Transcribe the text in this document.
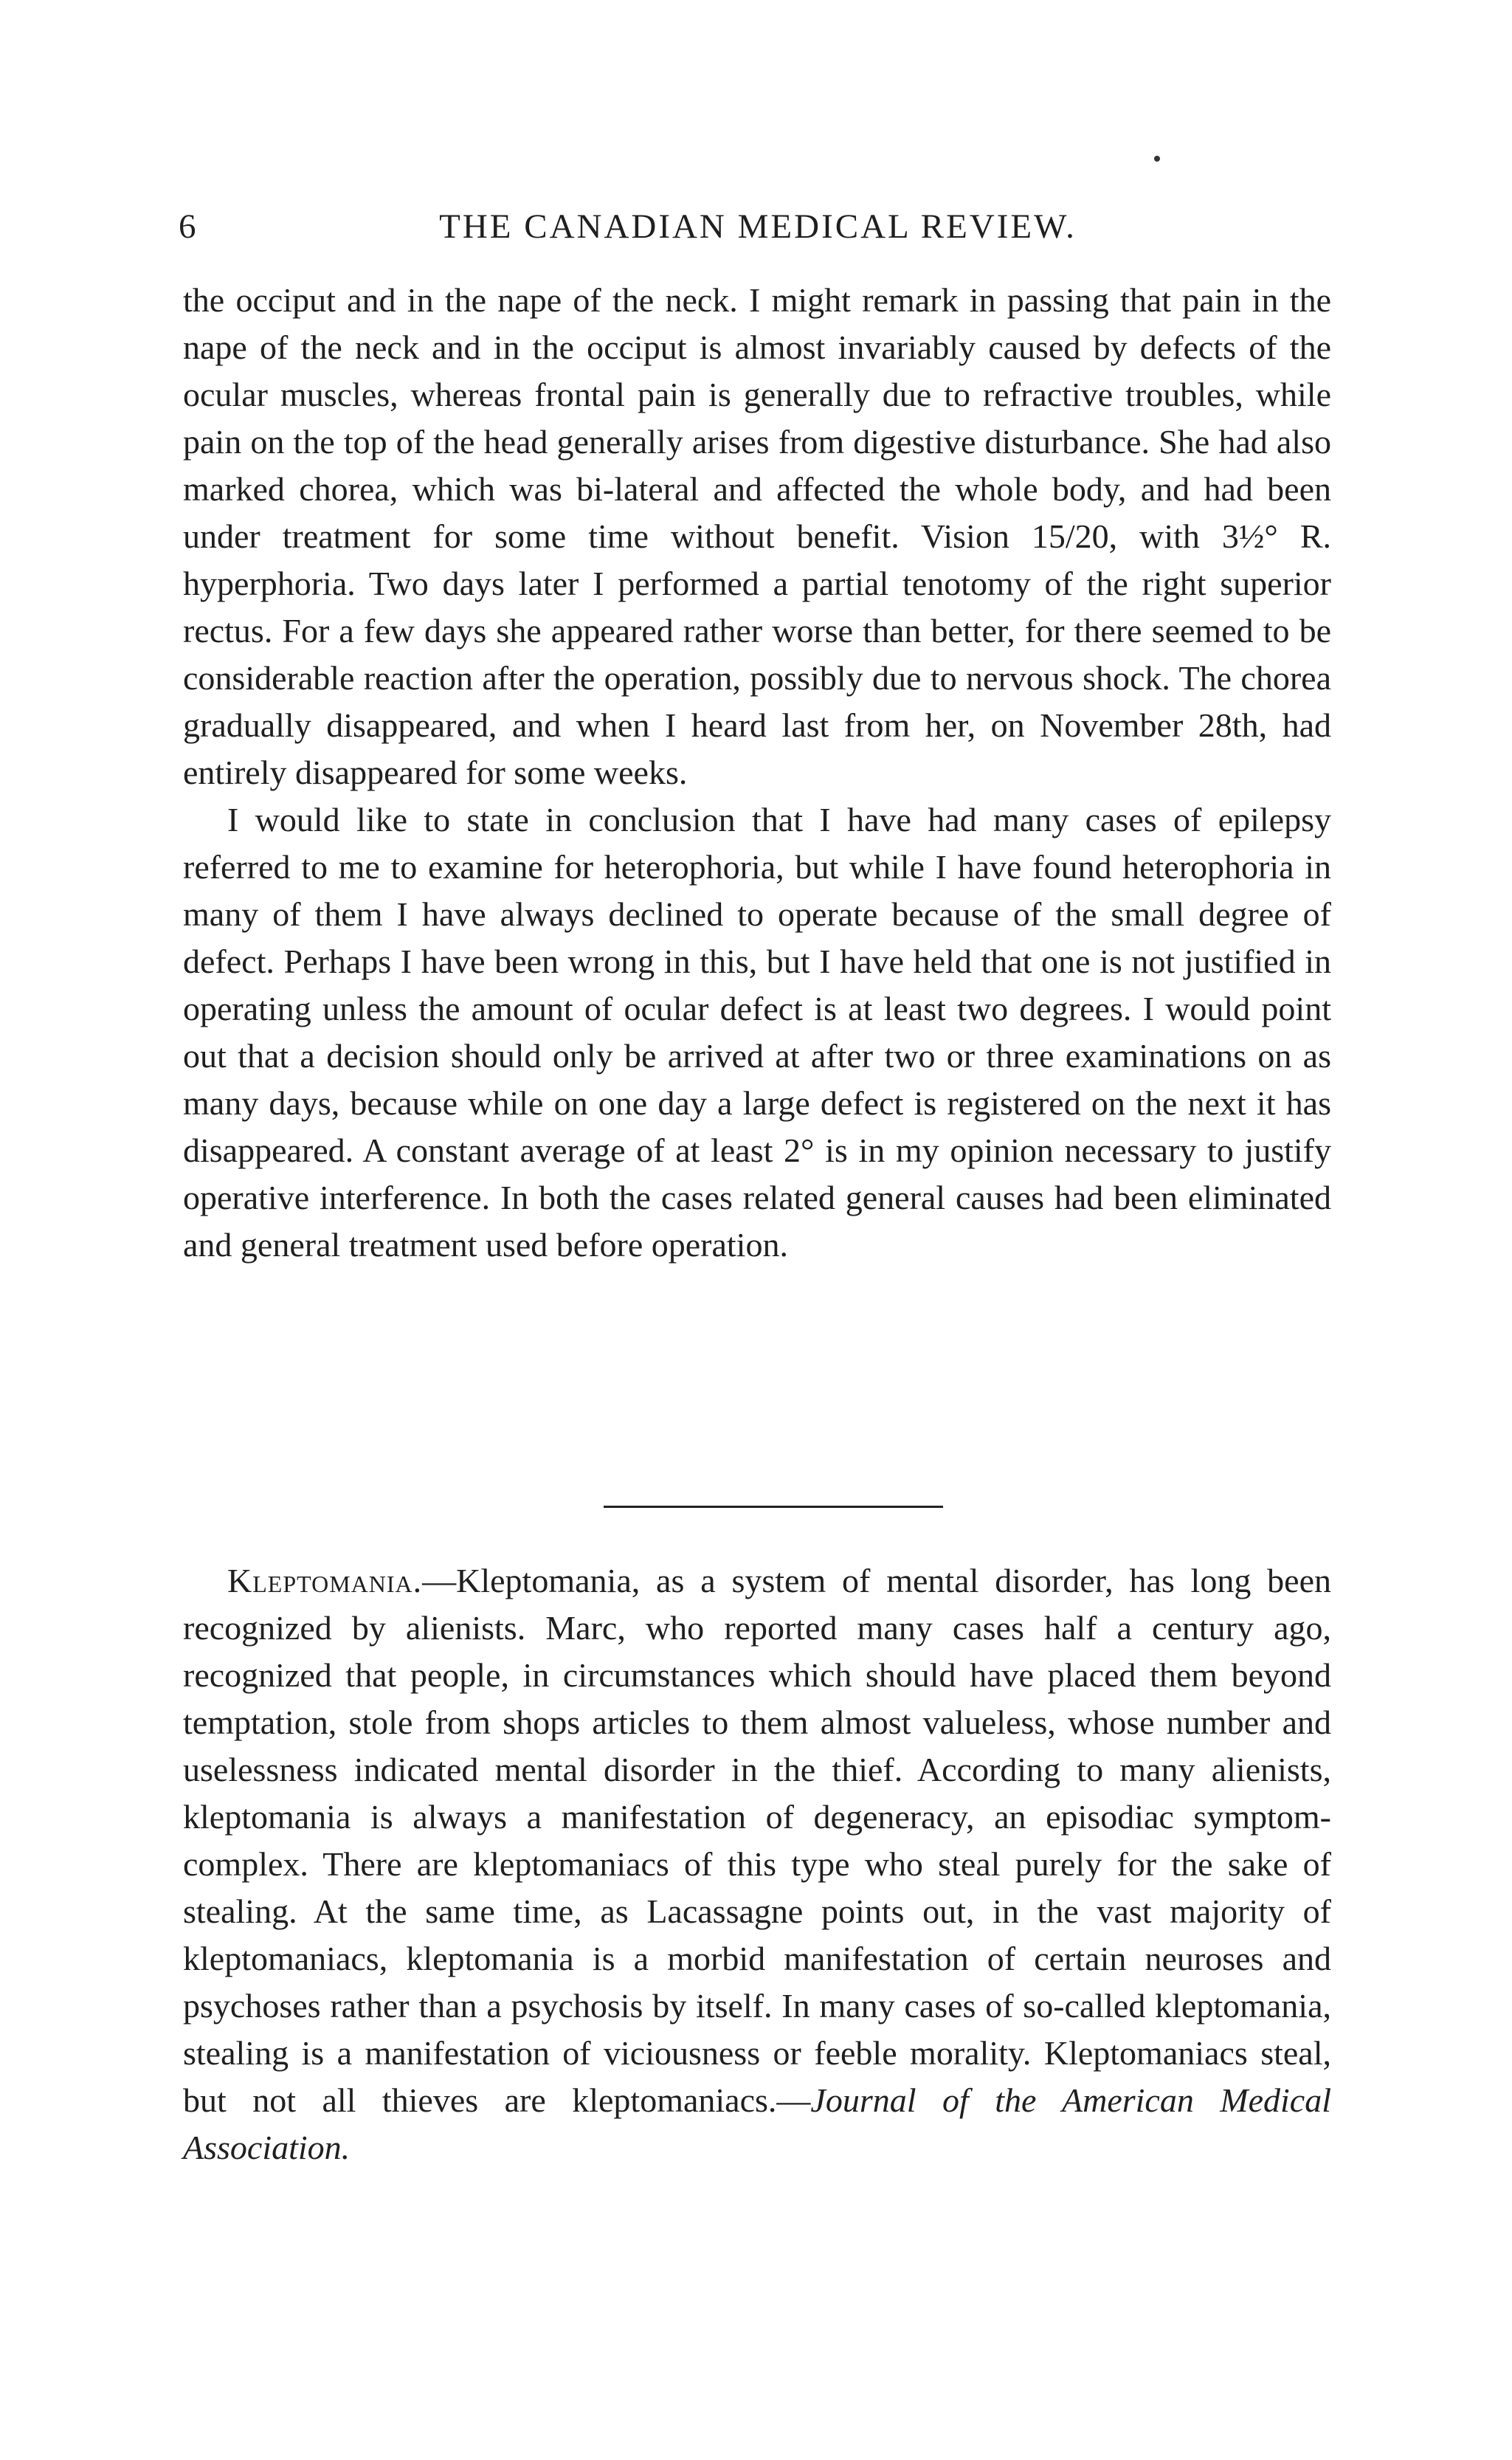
6	THE CANADIAN MEDICAL REVIEW.

the occiput and in the nape of the neck. I might remark in passing that pain in the nape of the neck and in the occiput is almost invariably caused by defects of the ocular muscles, whereas frontal pain is generally due to refractive troubles, while pain on the top of the head generally arises from digestive disturbance. She had also marked chorea, which was bi-lateral and affected the whole body, and had been under treatment for some time without benefit. Vision 15/20, with 3½° R. hyperphoria. Two days later I performed a partial tenotomy of the right superior rectus. For a few days she appeared rather worse than better, for there seemed to be considerable reaction after the operation, possibly due to nervous shock. The chorea gradually disappeared, and when I heard last from her, on November 28th, had entirely disappeared for some weeks.

I would like to state in conclusion that I have had many cases of epilepsy referred to me to examine for heterophoria, but while I have found heterophoria in many of them I have always declined to operate because of the small degree of defect. Perhaps I have been wrong in this, but I have held that one is not justified in operating unless the amount of ocular defect is at least two degrees. I would point out that a decision should only be arrived at after two or three examinations on as many days, because while on one day a large defect is registered on the next it has disappeared. A constant average of at least 2° is in my opinion necessary to justify operative interference. In both the cases related general causes had been eliminated and general treatment used before operation.

Kleptomania.—Kleptomania, as a system of mental disorder, has long been recognized by alienists. Marc, who reported many cases half a century ago, recognized that people, in circumstances which should have placed them beyond temptation, stole from shops articles to them almost valueless, whose number and uselessness indicated mental disorder in the thief. According to many alienists, kleptomania is always a manifestation of degeneracy, an episodiac symptom-complex. There are kleptomaniacs of this type who steal purely for the sake of stealing. At the same time, as Lacassagne points out, in the vast majority of kleptomaniacs, kleptomania is a morbid manifestation of certain neuroses and psychoses rather than a psychosis by itself. In many cases of so-called kleptomania, stealing is a manifestation of viciousness or feeble morality. Kleptomaniacs steal, but not all thieves are kleptomaniacs.—Journal of the American Medical Association.
